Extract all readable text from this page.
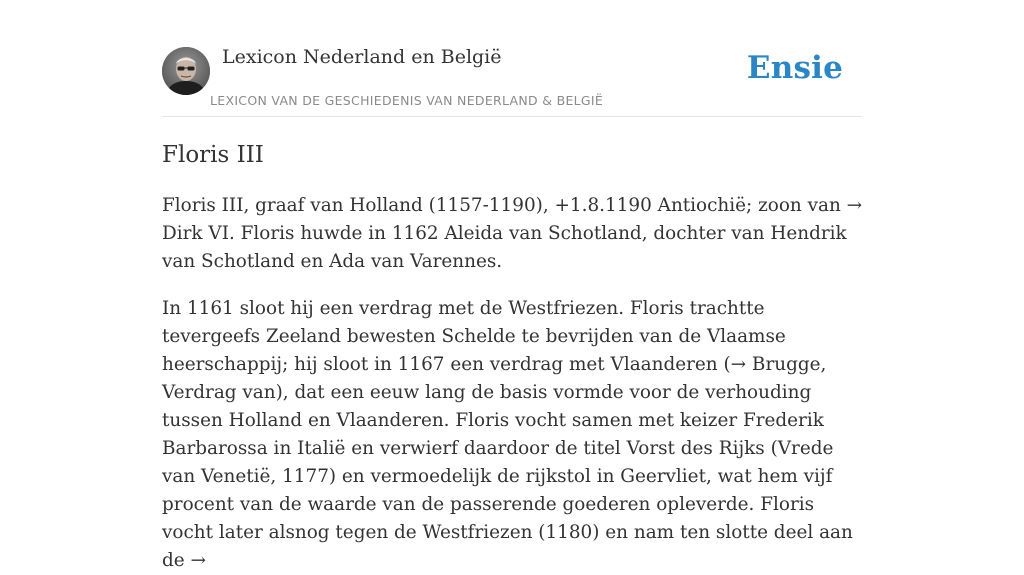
Lexicon Nederland en België
LEXICON VAN DE GESCHIEDENIS VAN NEDERLAND & BELGIË
Ensie
Floris III

Floris III, graaf van Holland (1157-1190), +1.8.1190 Antiochië; zoon van → Dirk VI. Floris huwde in 1162 Aleida van Schotland, dochter van Hendrik van Schotland en Ada van Varennes.

In 1161 sloot hij een verdrag met de Westfriezen. Floris trachtte tevergeefs Zeeland bewesten Schelde te bevrijden van de Vlaamse heerschappij; hij sloot in 1167 een verdrag met Vlaanderen (→ Brugge, Verdrag van), dat een eeuw lang de basis vormde voor de verhouding tussen Holland en Vlaanderen. Floris vocht samen met keizer Frederik Barbarossa in Italië en verwierf daardoor de titel Vorst des Rijks (Vrede van Venetië, 1177) en vermoedelijk de rijkstol in Geervliet, wat hem vijf procent van de waarde van de passerende goederen opleverde. Floris vocht later alsnog tegen de Westfriezen (1180) en nam ten slotte deel aan de →
